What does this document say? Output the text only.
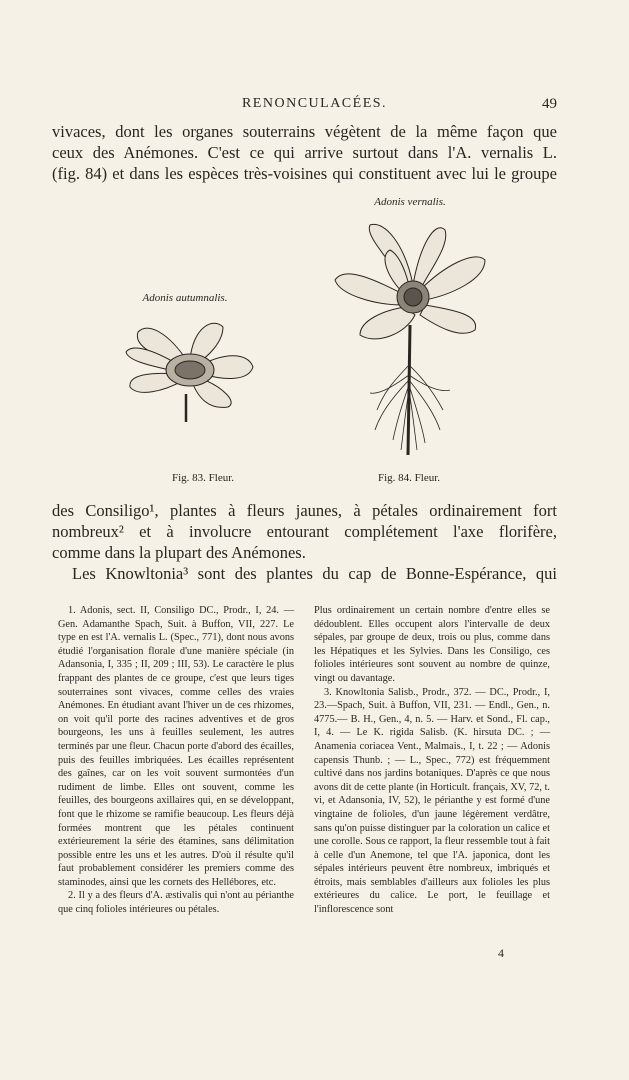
RENONCULACÉES.	49
vivaces, dont les organes souterrains végètent de la même façon que
ceux des Anémones. C'est ce qui arrive surtout dans l'A. vernalis L.
(fig. 84) et dans les espèces très-voisines qui constituent avec lui le groupe
Adonis vernalis.
Fig. 84. Fleur.
Adonis autumnalis.
Fig. 83. Fleur.
des Consiligo¹, plantes à fleurs jaunes, à pétales ordinairement fort
nombreux² et à involucre entourant complétement l'axe florifère,
comme dans la plupart des Anémones.
Les Knowltonia³ sont des plantes du cap de Bonne-Espérance, qui

1. Adonis, sect. II, Consiligo DC., Prodr., I, 24. — Gen. Adamanthe Spach, Suit. à Buffon, VII, 227. Le type en est l'A. vernalis L. (Spec., 771), dont nous avons étudié l'organisation florale d'une manière spéciale (in Adansonia, I, 335 ; II, 209 ; III, 53). Le caractère le plus frappant des plantes de ce groupe, c'est que leurs tiges souterraines sont vivaces, comme celles des vraies Anémones. En étudiant avant l'hiver un de ces rhizomes, on voit qu'il porte des racines adventives et de gros bourgeons, les uns à feuilles seulement, les autres terminés par une fleur. Chacun porte d'abord des écailles, puis des feuilles imbriquées. Les écailles représentent des gaînes, car on les voit souvent surmontées d'un rudiment de limbe. Elles ont souvent, comme les feuilles, des bourgeons axillaires qui, en se développant, font que le rhizome se ramifie beaucoup. Les fleurs déjà formées montrent que les pétales continuent extérieurement la série des étamines, sans délimitation possible entre les uns et les autres. D'où il résulte qu'il faut probablement considérer les premiers comme des staminodes, ainsi que les cornets des Hellébores, etc.

2. Il y a des fleurs d'A. æstivalis qui n'ont au périanthe que cinq folioles intérieures ou pétales.

Plus ordinairement un certain nombre d'entre elles se dédoublent. Elles occupent alors l'intervalle de deux sépales, par groupe de deux, trois ou plus, comme dans les Hépatiques et les Sylvies. Dans les Consiligo, ces folioles intérieures sont souvent au nombre de quinze, vingt ou davantage.

3. Knowltonia Salisb., Prodr., 372. — DC., Prodr., I, 23.—Spach, Suit. à Buffon, VII, 231. — Endl., Gen., n. 4775.— B. H., Gen., 4, n. 5. — Harv. et Sond., Fl. cap., I, 4. — Le K. rigida Salisb. (K. hirsuta DC. ; — Anamenia coriacea Vent., Malmais., I, t. 22 ; — Adonis capensis Thunb. ; — L., Spec., 772) est fréquemment cultivé dans nos jardins botaniques. D'après ce que nous avons dit de cette plante (in Horticult. français, XV, 72, t. vi, et Adansonia, IV, 52), le périanthe y est formé d'une vingtaine de folioles, d'un jaune légèrement verdâtre, sans qu'on puisse distinguer par la coloration un calice et une corolle. Sous ce rapport, la fleur ressemble tout à fait à celle d'un Anemone, tel que l'A. japonica, dont les sépales intérieurs peuvent être nombreux, imbriqués et étroits, mais semblables d'ailleurs aux folioles les plus extérieures du calice. Le port, le feuillage et l'inflorescence sont

4
